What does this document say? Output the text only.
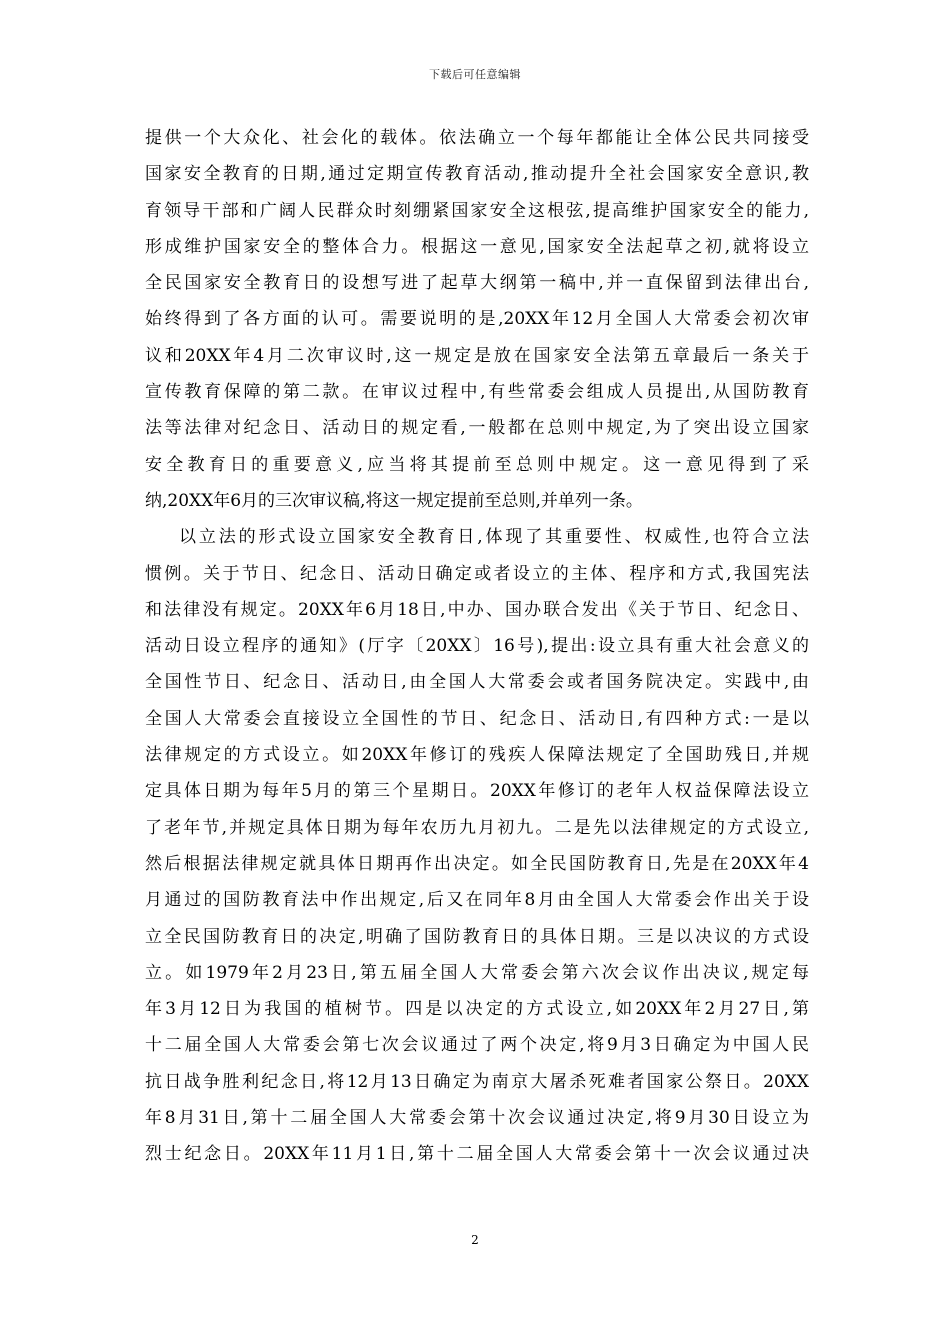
下载后可任意编辑
提供一个大众化、社会化的载体。依法确立一个每年都能让全体公民共同接受
国家安全教育的日期,通过定期宣传教育活动,推动提升全社会国家安全意识,教
育领导干部和广阔人民群众时刻绷紧国家安全这根弦,提高维护国家安全的能力,
形成维护国家安全的整体合力。根据这一意见,国家安全法起草之初,就将设立
全民国家安全教育日的设想写进了起草大纲第一稿中,并一直保留到法律出台,
始终得到了各方面的认可。需要说明的是,20XX年12月全国人大常委会初次审
议和20XX年4月二次审议时,这一规定是放在国家安全法第五章最后一条关于
宣传教育保障的第二款。在审议过程中,有些常委会组成人员提出,从国防教育
法等法律对纪念日、活动日的规定看,一般都在总则中规定,为了突出设立国家
安全教育日的重要意义,应当将其提前至总则中规定。这一意见得到了采
纳,20XX年6月的三次审议稿,将这一规定提前至总则,并单列一条。
以立法的形式设立国家安全教育日,体现了其重要性、权威性,也符合立法
惯例。关于节日、纪念日、活动日确定或者设立的主体、程序和方式,我国宪法
和法律没有规定。20XX年6月18日,中办、国办联合发出《关于节日、纪念日、
活动日设立程序的通知》(厅字〔20XX〕16号),提出:设立具有重大社会意义的
全国性节日、纪念日、活动日,由全国人大常委会或者国务院决定。实践中,由
全国人大常委会直接设立全国性的节日、纪念日、活动日,有四种方式:一是以
法律规定的方式设立。如20XX年修订的残疾人保障法规定了全国助残日,并规
定具体日期为每年5月的第三个星期日。20XX年修订的老年人权益保障法设立
了老年节,并规定具体日期为每年农历九月初九。二是先以法律规定的方式设立,
然后根据法律规定就具体日期再作出决定。如全民国防教育日,先是在20XX年4
月通过的国防教育法中作出规定,后又在同年8月由全国人大常委会作出关于设
立全民国防教育日的决定,明确了国防教育日的具体日期。三是以决议的方式设
立。如1979年2月23日,第五届全国人大常委会第六次会议作出决议,规定每
年3月12日为我国的植树节。四是以决定的方式设立,如20XX年2月27日,第
十二届全国人大常委会第七次会议通过了两个决定,将9月3日确定为中国人民
抗日战争胜利纪念日,将12月13日确定为南京大屠杀死难者国家公祭日。20XX
年8月31日,第十二届全国人大常委会第十次会议通过决定,将9月30日设立为
烈士纪念日。20XX年11月1日,第十二届全国人大常委会第十一次会议通过决
2
